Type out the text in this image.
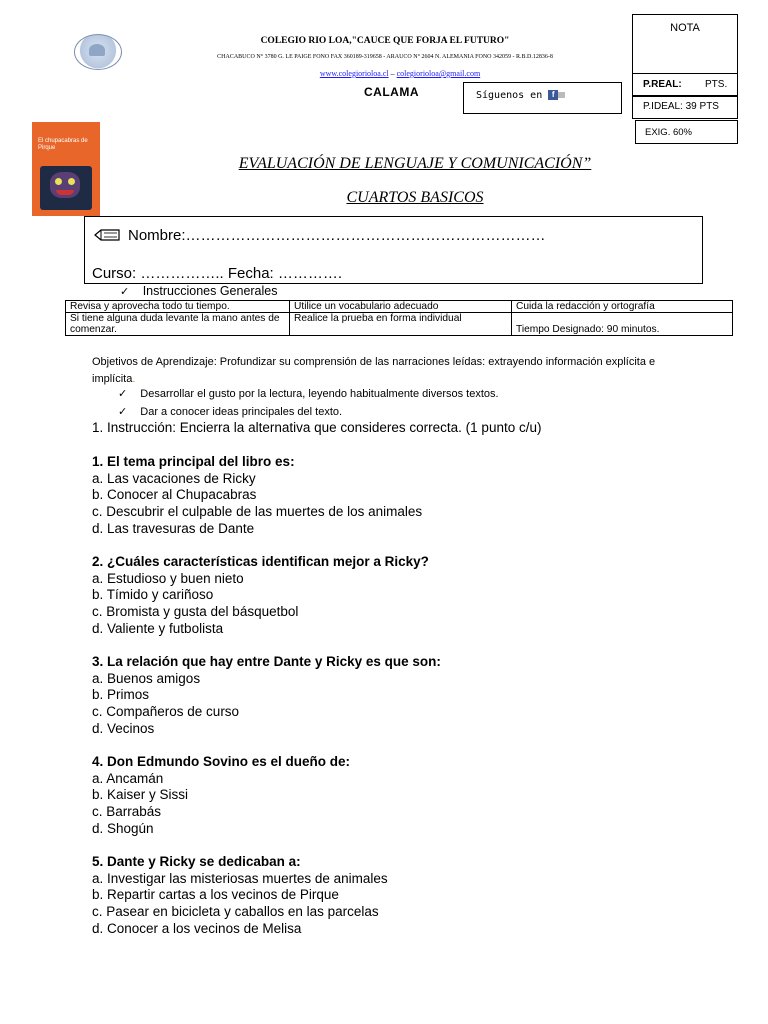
El chupacabras de Pirque
COLEGIO RIO LOA,"CAUCE QUE FORJA EL FUTURO"
CHACABUCO N° 3780 G. LE PAIGE FONO FAX 360189-319658 - ARAUCO N° 2604 N. ALEMANIA FONO 342059 - R.B.D.12836-8
www.colegiorioloa.cl – colegiorioloa@gmail.com
CALAMA	Síguenos en f
NOTA
P.REAL: PTS.
P.IDEAL: 39 PTS
EXIG. 60%
EVALUACIÓN DE LENGUAJE Y COMUNICACIÓN”
CUARTOS BASICOS
Nombre:………………………………………………………………
Curso: …………….. Fecha: ………….
✓ Instrucciones Generales
Revisa y aprovecha todo tu tiempo.	Utilice un vocabulario adecuado	Cuida la redacción y ortografía
Si tiene alguna duda levante la mano antes de comenzar.	Realice la prueba en forma individual	Tiempo Designado: 90 minutos.
Objetivos de Aprendizaje: Profundizar su comprensión de las narraciones leídas: extrayendo información explícita e implícita.
✓ Desarrollar el gusto por la lectura, leyendo habitualmente diversos textos.
✓ Dar a conocer ideas principales del texto.
1. Instrucción: Encierra la alternativa que consideres correcta. (1 punto c/u)
1. El tema principal del libro es:
a. Las vacaciones de Ricky
b. Conocer al Chupacabras
c. Descubrir el culpable de las muertes de los animales
d. Las travesuras de Dante
2. ¿Cuáles características identifican mejor a Ricky?
a. Estudioso y buen nieto
b. Tímido y cariñoso
c. Bromista y gusta del básquetbol
d. Valiente y futbolista
3. La relación que hay entre Dante y Ricky es que son:
a. Buenos amigos
b. Primos
c. Compañeros de curso
d. Vecinos
4. Don Edmundo Sovino es el dueño de:
a. Ancamán
b. Kaiser y Sissi
c. Barrabás
d. Shogún
5. Dante y Ricky se dedicaban a:
a. Investigar las misteriosas muertes de animales
b. Repartir cartas a los vecinos de Pirque
c. Pasear en bicicleta y caballos en las parcelas
d. Conocer a los vecinos de Melisa
